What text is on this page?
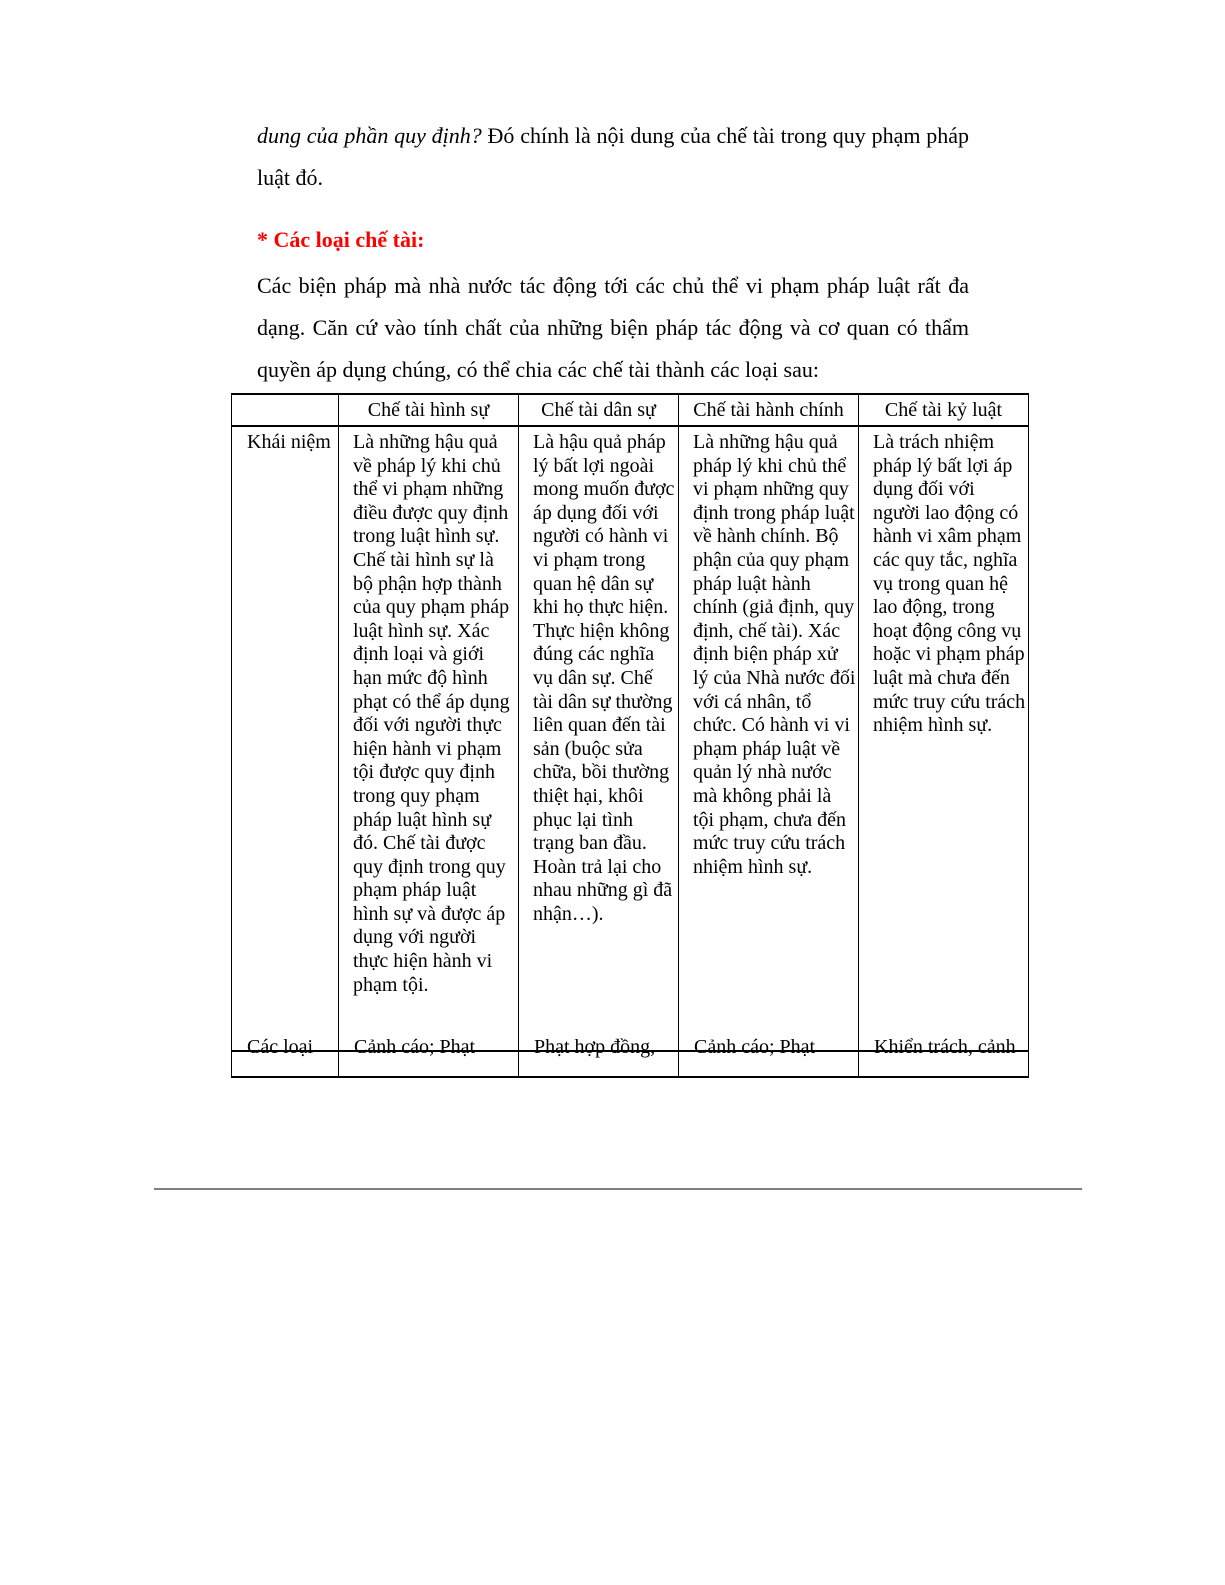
dung của phần quy định? Đó chính là nội dung của chế tài trong quy phạm pháp luật đó.

* Các loại chế tài:

Các biện pháp mà nhà nước tác động tới các chủ thể vi phạm pháp luật rất đa dạng. Căn cứ vào tính chất của những biện pháp tác động và cơ quan có thẩm quyền áp dụng chúng, có thể chia các chế tài thành các loại sau:

	Chế tài hình sự	Chế tài dân sự	Chế tài hành chính	Chế tài kỷ luật
Khái niệm	Là những hậu quả về pháp lý khi chủ thể vi phạm những điều được quy định trong luật hình sự. Chế tài hình sự là bộ phận hợp thành của quy phạm pháp luật hình sự. Xác định loại và giới hạn mức độ hình phạt có thể áp dụng đối với người thực hiện hành vi phạm tội được quy định trong quy phạm pháp luật hình sự đó. Chế tài được quy định trong quy phạm pháp luật hình sự và được áp dụng với người thực hiện hành vi phạm tội.	Là hậu quả pháp lý bất lợi ngoài mong muốn được áp dụng đối với người có hành vi vi phạm trong quan hệ dân sự khi họ thực hiện. Thực hiện không đúng các nghĩa vụ dân sự. Chế tài dân sự thường liên quan đến tài sản (buộc sửa chữa, bồi thường thiệt hại, khôi phục lại tình trạng ban đầu. Hoàn trả lại cho nhau những gì đã nhận…).	Là những hậu quả pháp lý khi chủ thể vi phạm những quy định trong pháp luật về hành chính. Bộ phận của quy phạm pháp luật hành chính (giả định, quy định, chế tài). Xác định biện pháp xử lý của Nhà nước đối với cá nhân, tổ chức. Có hành vi vi phạm pháp luật về quản lý nhà nước mà không phải là tội phạm, chưa đến mức truy cứu trách nhiệm hình sự.	Là trách nhiệm pháp lý bất lợi áp dụng đối với người lao động có hành vi xâm phạm các quy tắc, nghĩa vụ trong quan hệ lao động, trong hoạt động công vụ hoặc vi phạm pháp luật mà chưa đến mức truy cứu trách nhiệm hình sự.
Các loại	Cảnh cáo; Phạt	Phạt hợp đồng,	Cảnh cáo; Phạt	Khiển trách, cảnh
